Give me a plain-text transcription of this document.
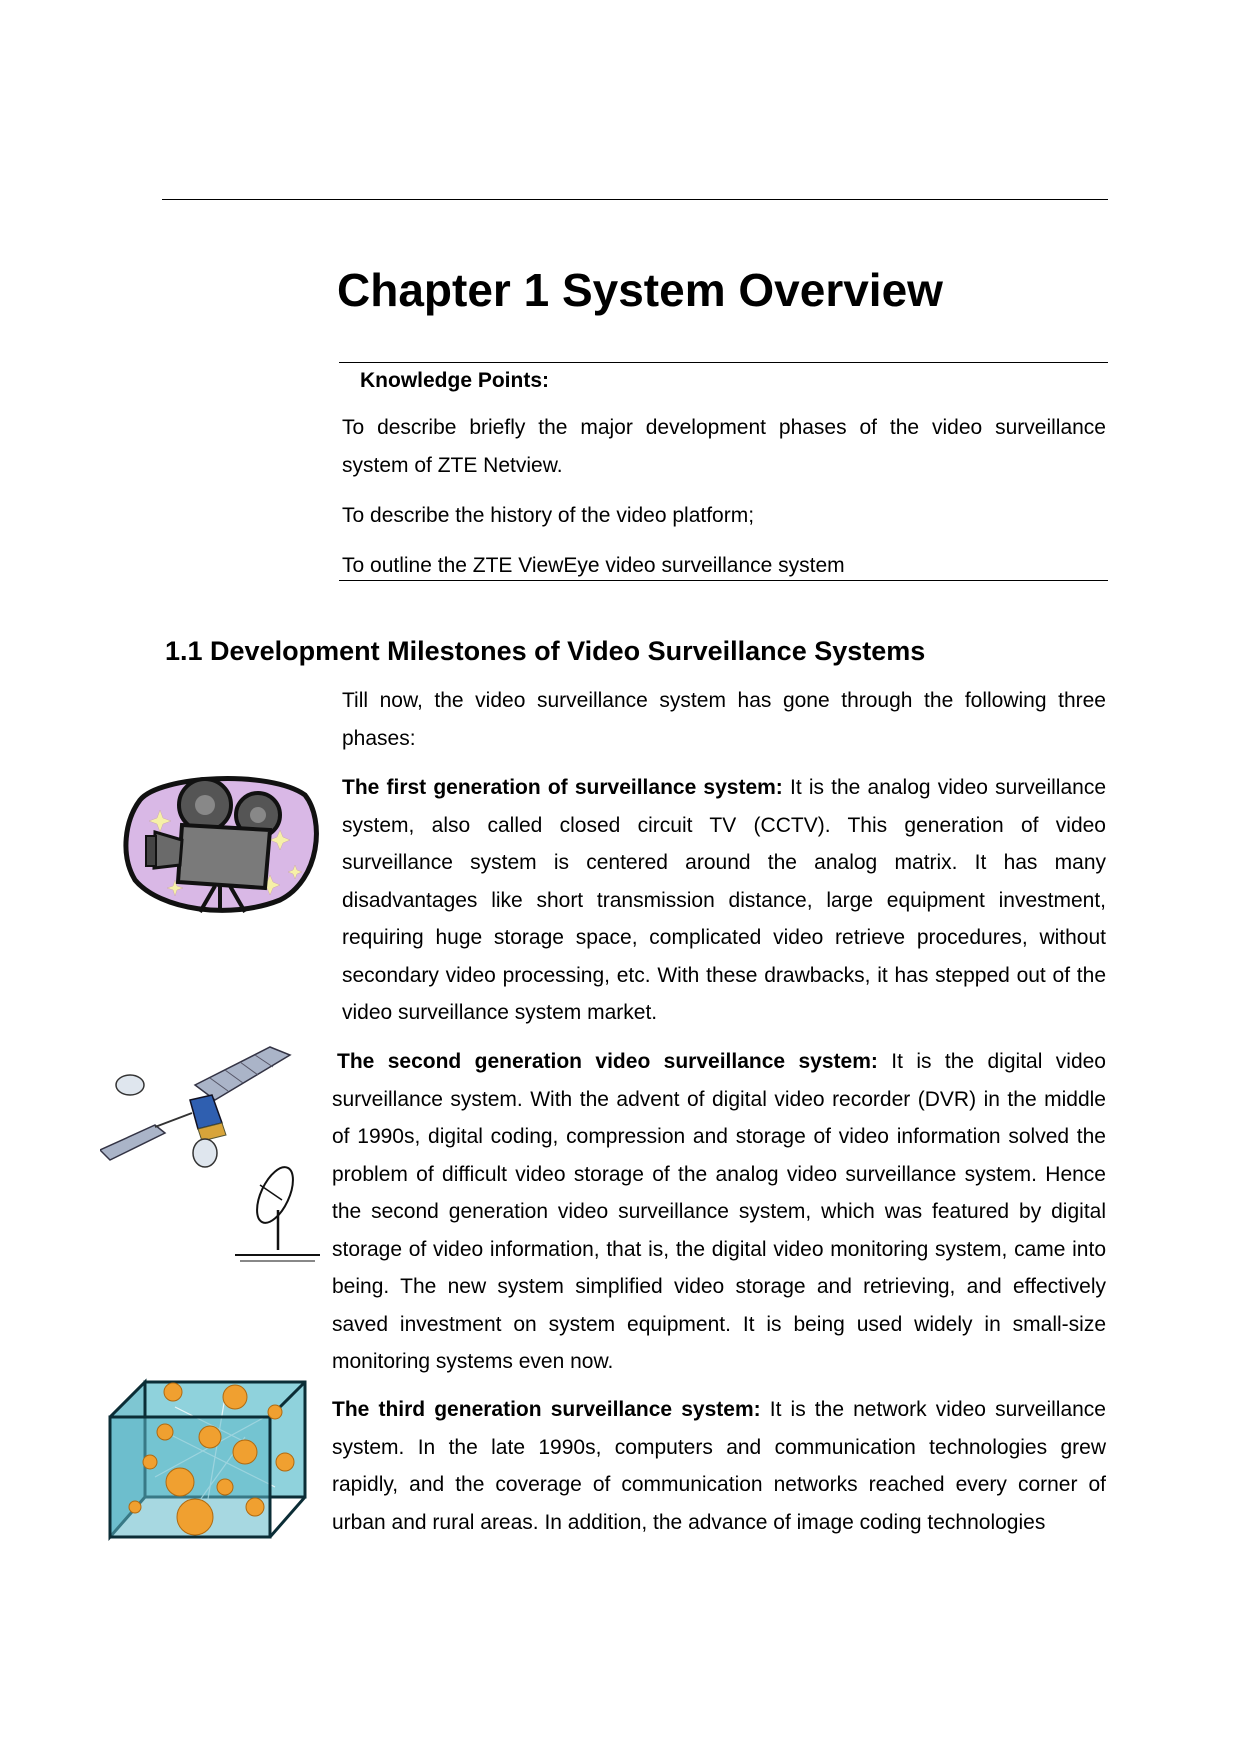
Chapter 1 System Overview
Knowledge Points:

To describe briefly the major development phases of the video surveillance system of ZTE Netview.

To describe the history of the video platform;

To outline the ZTE ViewEye video surveillance system

1.1 Development Milestones of Video Surveillance Systems

Till now, the video surveillance system has gone through the following three phases:

The first generation of surveillance system: It is the analog video surveillance system, also called closed circuit TV (CCTV). This generation of video surveillance system is centered around the analog matrix. It has many disadvantages like short transmission distance, large equipment investment, requiring huge storage space, complicated video retrieve procedures, without secondary video processing, etc. With these drawbacks, it has stepped out of the video surveillance system market.

The second generation video surveillance system: It is the digital video surveillance system. With the advent of digital video recorder (DVR) in the middle of 1990s, digital coding, compression and storage of video information solved the problem of difficult video storage of the analog video surveillance system. Hence the second generation video surveillance system, which was featured by digital storage of video information, that is, the digital video monitoring system, came into being. The new system simplified video storage and retrieving, and effectively saved investment on system equipment. It is being used widely in small-size monitoring systems even now.

The third generation surveillance system: It is the network video surveillance system. In the late 1990s, computers and communication technologies grew rapidly, and the coverage of communication networks reached every corner of urban and rural areas. In addition, the advance of image coding technologies
